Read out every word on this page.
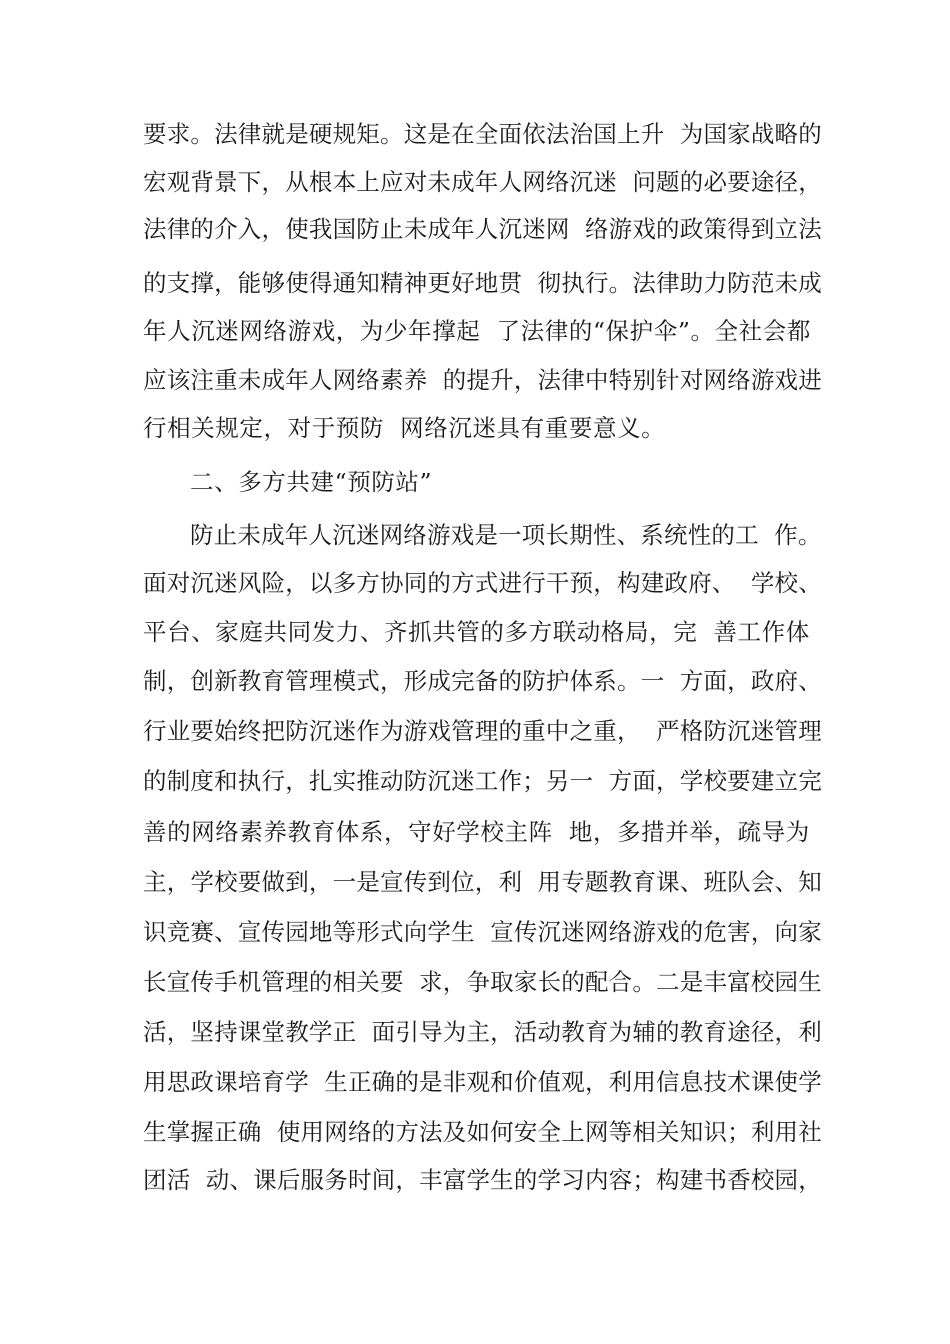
要求。法律就是硬规矩。这是在全面依法治国上升  为国家战略的
宏观背景下，从根本上应对未成年人网络沉迷  问题的必要途径，
法律的介入，使我国防止未成年人沉迷网  络游戏的政策得到立法
的支撑，能够使得通知精神更好地贯  彻执行。法律助力防范未成
年人沉迷网络游戏，为少年撑起  了法律的“保护伞”。全社会都
应该注重未成年人网络素养  的提升，法律中特别针对网络游戏进
行相关规定，对于预防  网络沉迷具有重要意义。
二、多方共建“预防站”
防止未成年人沉迷网络游戏是一项长期性、系统性的工  作。
面对沉迷风险，以多方协同的方式进行干预，构建政府、  学校、
平台、家庭共同发力、齐抓共管的多方联动格局，完  善工作体
制，创新教育管理模式，形成完备的防护体系。一  方面，政府、
行业要始终把防沉迷作为游戏管理的重中之重，  严格防沉迷管理
的制度和执行，扎实推动防沉迷工作；另一  方面，学校要建立完
善的网络素养教育体系，守好学校主阵  地，多措并举，疏导为
主，学校要做到，一是宣传到位，利  用专题教育课、班队会、知
识竞赛、宣传园地等形式向学生  宣传沉迷网络游戏的危害，向家
长宣传手机管理的相关要  求，争取家长的配合。二是丰富校园生
活，坚持课堂教学正  面引导为主，活动教育为辅的教育途径，利
用思政课培育学  生正确的是非观和价值观，利用信息技术课使学
生掌握正确  使用网络的方法及如何安全上网等相关知识；利用社
团活  动、课后服务时间，丰富学生的学习内容；构建书香校园，
